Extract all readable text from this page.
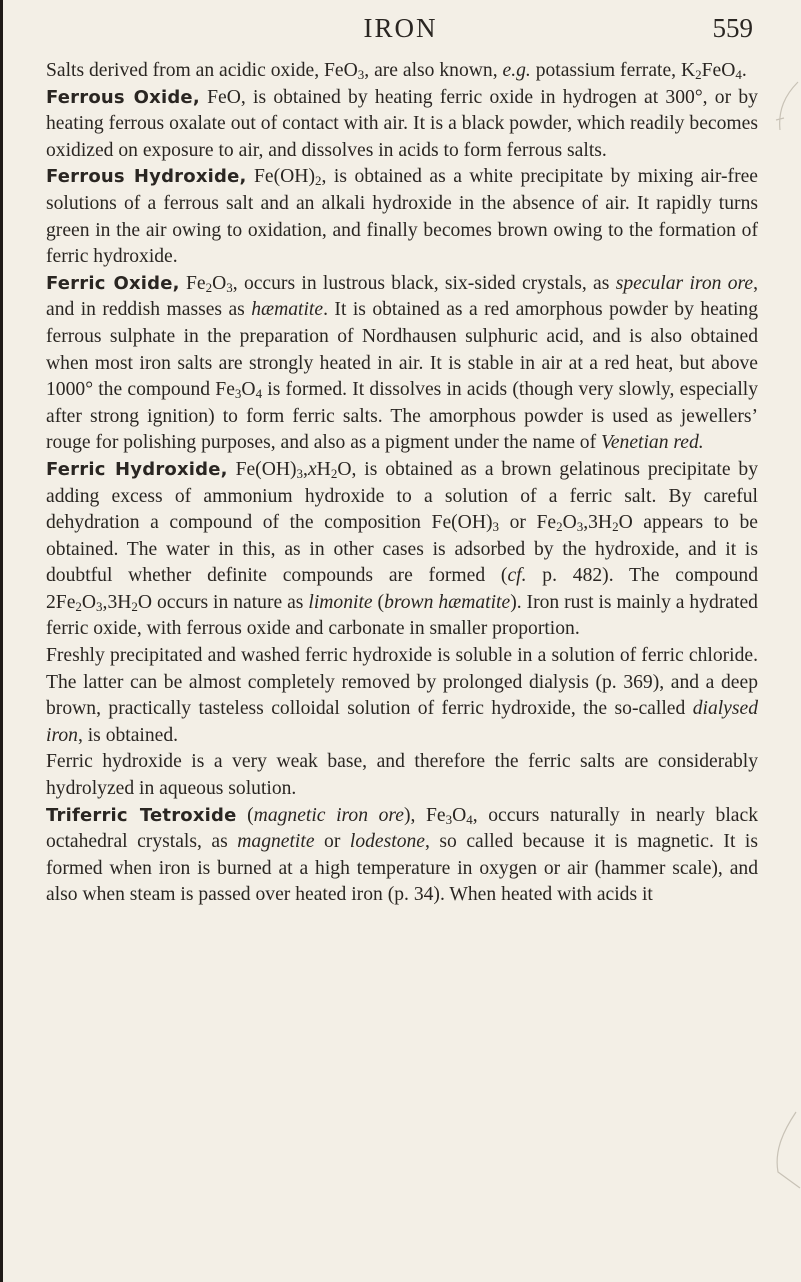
IRON	559

Salts derived from an acidic oxide, FeO$_3$, are also known, e.g. potassium ferrate, $K_2FeO_4$.

Ferrous Oxide, FeO, is obtained by heating ferric oxide in hydrogen at 300°, or by heating ferrous oxalate out of contact with air. It is a black powder, which readily becomes oxidized on exposure to air, and dissolves in acids to form ferrous salts.

Ferrous Hydroxide, $Fe(OH)_2$, is obtained as a white precipitate by mixing air-free solutions of a ferrous salt and an alkali hydroxide in the absence of air. It rapidly turns green in the air owing to oxidation, and finally becomes brown owing to the formation of ferric hydroxide.

Ferric Oxide, $Fe_2O_3$, occurs in lustrous black, six-sided crystals, as specular iron ore, and in reddish masses as hæmatite. It is obtained as a red amorphous powder by heating ferrous sulphate in the preparation of Nordhausen sulphuric acid, and is also obtained when most iron salts are strongly heated in air. It is stable in air at a red heat, but above 1000° the compound $Fe_3O_4$ is formed. It dissolves in acids (though very slowly, especially after strong ignition) to form ferric salts. The amorphous powder is used as jewellers’ rouge for polishing purposes, and also as a pigment under the name of Venetian red.

Ferric Hydroxide, $Fe(OH)_3,xH_2O$, is obtained as a brown gelatinous precipitate by adding excess of ammonium hydroxide to a solution of a ferric salt. By careful dehydration a compound of the composition $Fe(OH)_3$ or $Fe_2O_3,3H_2O$ appears to be obtained. The water in this, as in other cases is adsorbed by the hydroxide, and it is doubtful whether definite compounds are formed (cf. p. 482). The compound $2Fe_2O_3,3H_2O$ occurs in nature as limonite (brown hæmatite). Iron rust is mainly a hydrated ferric oxide, with ferrous oxide and carbonate in smaller proportion.

Freshly precipitated and washed ferric hydroxide is soluble in a solution of ferric chloride. The latter can be almost completely removed by prolonged dialysis (p. 369), and a deep brown, practically tasteless colloidal solution of ferric hydroxide, the so-called dialysed iron, is obtained.

Ferric hydroxide is a very weak base, and therefore the ferric salts are considerably hydrolyzed in aqueous solution.

Triferric Tetroxide (magnetic iron ore), $Fe_3O_4$, occurs naturally in nearly black octahedral crystals, as magnetite or lodestone, so called because it is magnetic. It is formed when iron is burned at a high temperature in oxygen or air (hammer scale), and also when steam is passed over heated iron (p. 34). When heated with acids it
